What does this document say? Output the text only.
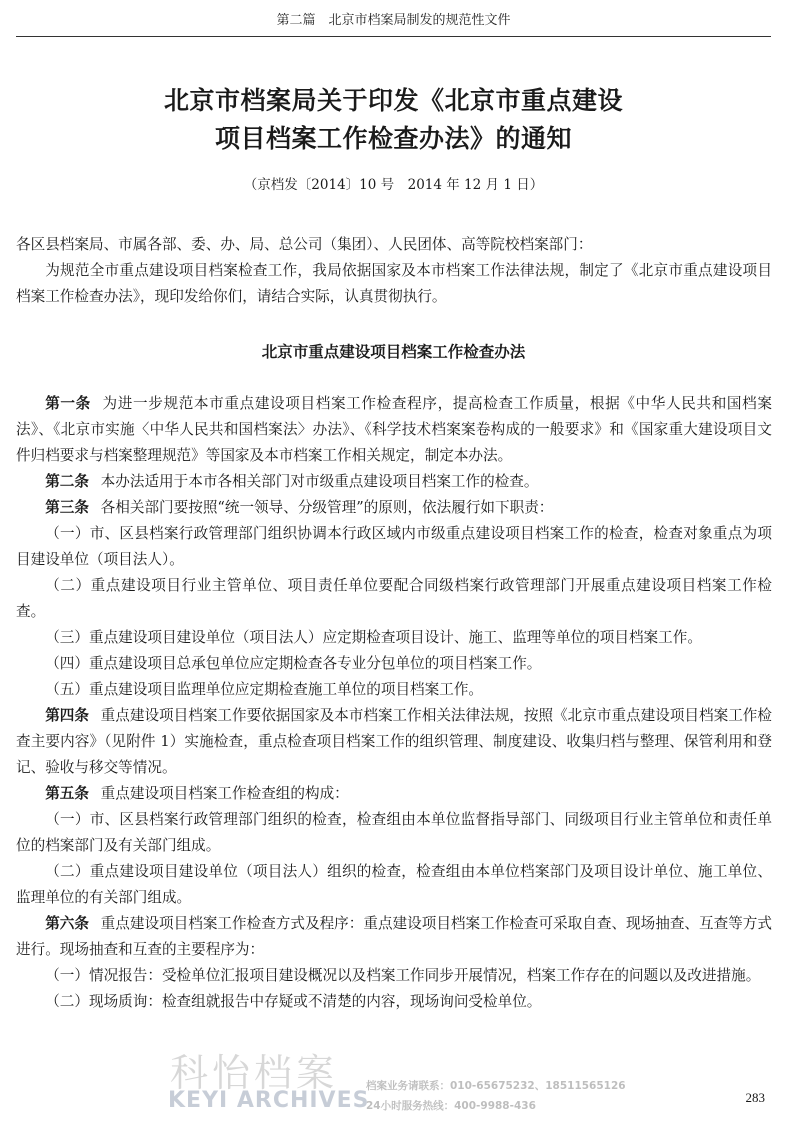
第二篇　北京市档案局制发的规范性文件
北京市档案局关于印发《北京市重点建设
项目档案工作检查办法》的通知
（京档发〔2014〕10 号　2014 年 12 月 1 日）

各区县档案局、市属各部、委、办、局、总公司（集团）、人民团体、高等院校档案部门：

为规范全市重点建设项目档案检查工作，我局依据国家及本市档案工作法律法规，制定了《北京市重点建设项目档案工作检查办法》，现印发给你们，请结合实际，认真贯彻执行。

北京市重点建设项目档案工作检查办法

第一条 为进一步规范本市重点建设项目档案工作检查程序，提高检查工作质量，根据《中华人民共和国档案法》、《北京市实施〈中华人民共和国档案法〉办法》、《科学技术档案案卷构成的一般要求》和《国家重大建设项目文件归档要求与档案整理规范》等国家及本市档案工作相关规定，制定本办法。

第二条 本办法适用于本市各相关部门对市级重点建设项目档案工作的检查。

第三条 各相关部门要按照“统一领导、分级管理”的原则，依法履行如下职责：

（一）市、区县档案行政管理部门组织协调本行政区域内市级重点建设项目档案工作的检查，检查对象重点为项目建设单位（项目法人）。

（二）重点建设项目行业主管单位、项目责任单位要配合同级档案行政管理部门开展重点建设项目档案工作检查。

（三）重点建设项目建设单位（项目法人）应定期检查项目设计、施工、监理等单位的项目档案工作。

（四）重点建设项目总承包单位应定期检查各专业分包单位的项目档案工作。

（五）重点建设项目监理单位应定期检查施工单位的项目档案工作。

第四条 重点建设项目档案工作要依据国家及本市档案工作相关法律法规，按照《北京市重点建设项目档案工作检查主要内容》（见附件 1）实施检查，重点检查项目档案工作的组织管理、制度建设、收集归档与整理、保管利用和登记、验收与移交等情况。

第五条 重点建设项目档案工作检查组的构成：

（一）市、区县档案行政管理部门组织的检查，检查组由本单位监督指导部门、同级项目行业主管单位和责任单位的档案部门及有关部门组成。

（二）重点建设项目建设单位（项目法人）组织的检查，检查组由本单位档案部门及项目设计单位、施工单位、监理单位的有关部门组成。

第六条 重点建设项目档案工作检查方式及程序：重点建设项目档案工作检查可采取自查、现场抽查、互查等方式进行。现场抽查和互查的主要程序为：

（一）情况报告：受检单位汇报项目建设概况以及档案工作同步开展情况，档案工作存在的问题以及改进措施。

（二）现场质询：检查组就报告中存疑或不清楚的内容，现场询问受检单位。

科怡档案
KEYI ARCHIVES
档案业务请联系：010-65675232、18511565126
24小时服务热线：400-9988-436
283
